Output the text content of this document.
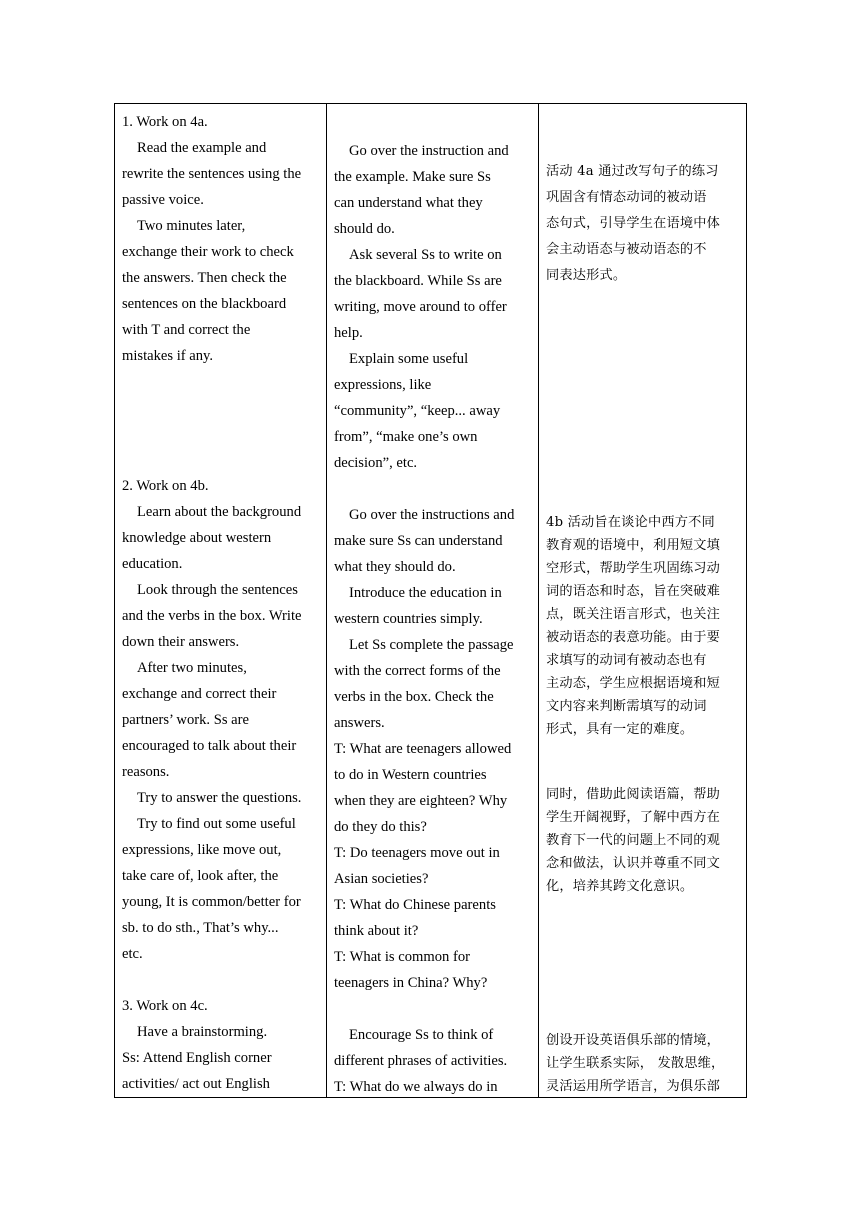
1. Work on 4a.
Read the example and
rewrite the sentences using the
passive voice.
Two minutes later,
exchange their work to check
the answers. Then check the
sentences on the blackboard
with T and correct the
mistakes if any.
2. Work on 4b.
Learn about the background
knowledge about western
education.
Look through the sentences
and the verbs in the box. Write
down their answers.
After two minutes,
exchange and correct their
partners’ work. Ss are
encouraged to talk about their
reasons.
Try to answer the questions.
Try to find out some useful
expressions, like move out,
take care of, look after, the
young, It is common/better for
sb. to do sth., That’s why...
etc.
3. Work on 4c.
Have a brainstorming.
Ss: Attend English corner
activities/ act out English
Go over the instruction and
the example. Make sure Ss
can understand what they
should do.
Ask several Ss to write on
the blackboard. While Ss are
writing, move around to offer
help.
Explain some useful
expressions, like
“community”, “keep... away
from”, “make one’s own
decision”, etc.
Go over the instructions and
make sure Ss can understand
what they should do.
Introduce the education in
western countries simply.
Let Ss complete the passage
with the correct forms of the
verbs in the box. Check the
answers.
T: What are teenagers allowed
to do in Western countries
when they are eighteen? Why
do they do this?
T: Do teenagers move out in
Asian societies?
T: What do Chinese parents
think about it?
T: What is common for
teenagers in China? Why?
Encourage Ss to think of
different phrases of activities.
T: What do we always do in
活动 4a 通过改写句子的练习
巩固含有情态动词的被动语
态句式，引导学生在语境中体
会主动语态与被动语态的不
同表达形式。
4b 活动旨在谈论中西方不同
教育观的语境中，利用短文填
空形式，帮助学生巩固练习动
词的语态和时态，旨在突破难
点，既关注语言形式，也关注
被动语态的表意功能。由于要
求填写的动词有被动态也有
主动态，学生应根据语境和短
文内容来判断需填写的动词
形式，具有一定的难度。
同时，借助此阅读语篇，帮助
学生开阔视野，了解中西方在
教育下一代的问题上不同的观
念和做法，认识并尊重不同文
化，培养其跨文化意识。
创设开设英语俱乐部的情境，
让学生联系实际， 发散思维，
灵活运用所学语言，为俱乐部
